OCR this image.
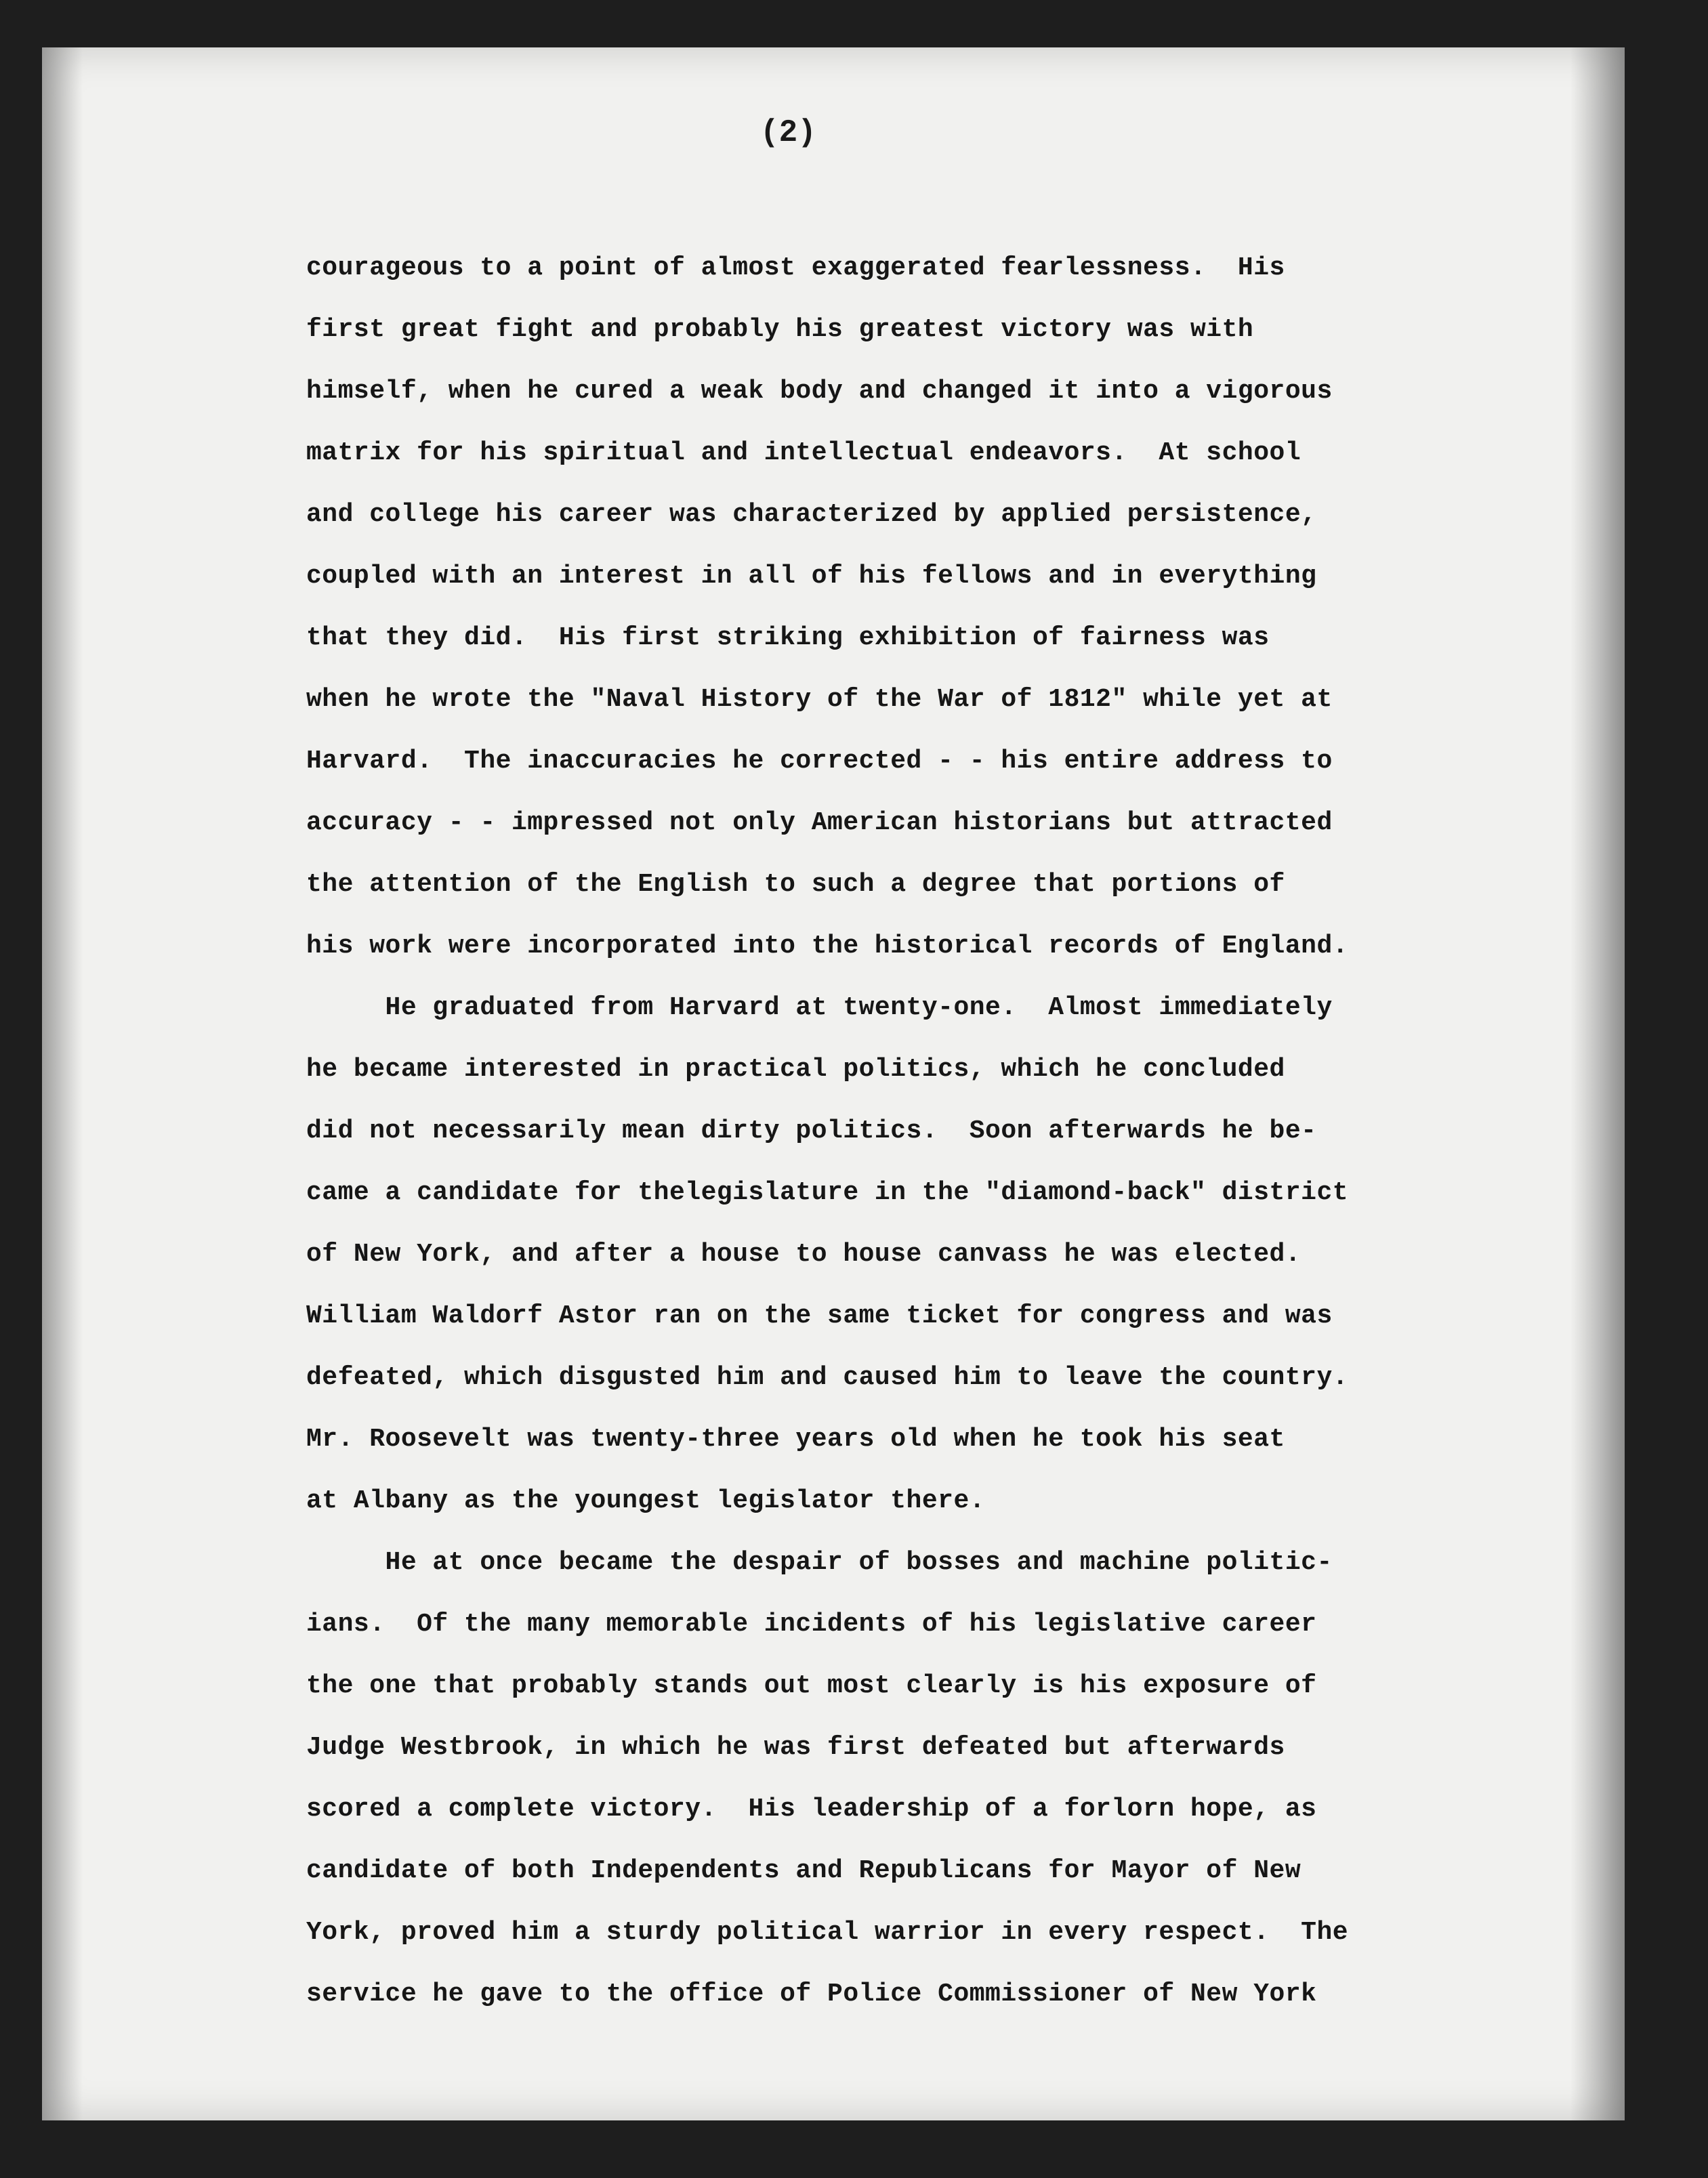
(2)
courageous to a point of almost exaggerated fearlessness.  His
first great fight and probably his greatest victory was with
himself, when he cured a weak body and changed it into a vigorous
matrix for his spiritual and intellectual endeavors.  At school
and college his career was characterized by applied persistence,
coupled with an interest in all of his fellows and in everything
that they did.  His first striking exhibition of fairness was
when he wrote the "Naval History of the War of 1812" while yet at
Harvard.  The inaccuracies he corrected - - his entire address to
accuracy - - impressed not only American historians but attracted
the attention of the English to such a degree that portions of
his work were incorporated into the historical records of England.
He graduated from Harvard at twenty-one.  Almost immediately
he became interested in practical politics, which he concluded
did not necessarily mean dirty politics.  Soon afterwards he be-
came a candidate for thelegislature in the "diamond-back" district
of New York, and after a house to house canvass he was elected.
William Waldorf Astor ran on the same ticket for congress and was
defeated, which disgusted him and caused him to leave the country.
Mr. Roosevelt was twenty-three years old when he took his seat
at Albany as the youngest legislator there.
He at once became the despair of bosses and machine politic-
ians.  Of the many memorable incidents of his legislative career
the one that probably stands out most clearly is his exposure of
Judge Westbrook, in which he was first defeated but afterwards
scored a complete victory.  His leadership of a forlorn hope, as
candidate of both Independents and Republicans for Mayor of New
York, proved him a sturdy political warrior in every respect.  The
service he gave to the office of Police Commissioner of New York
